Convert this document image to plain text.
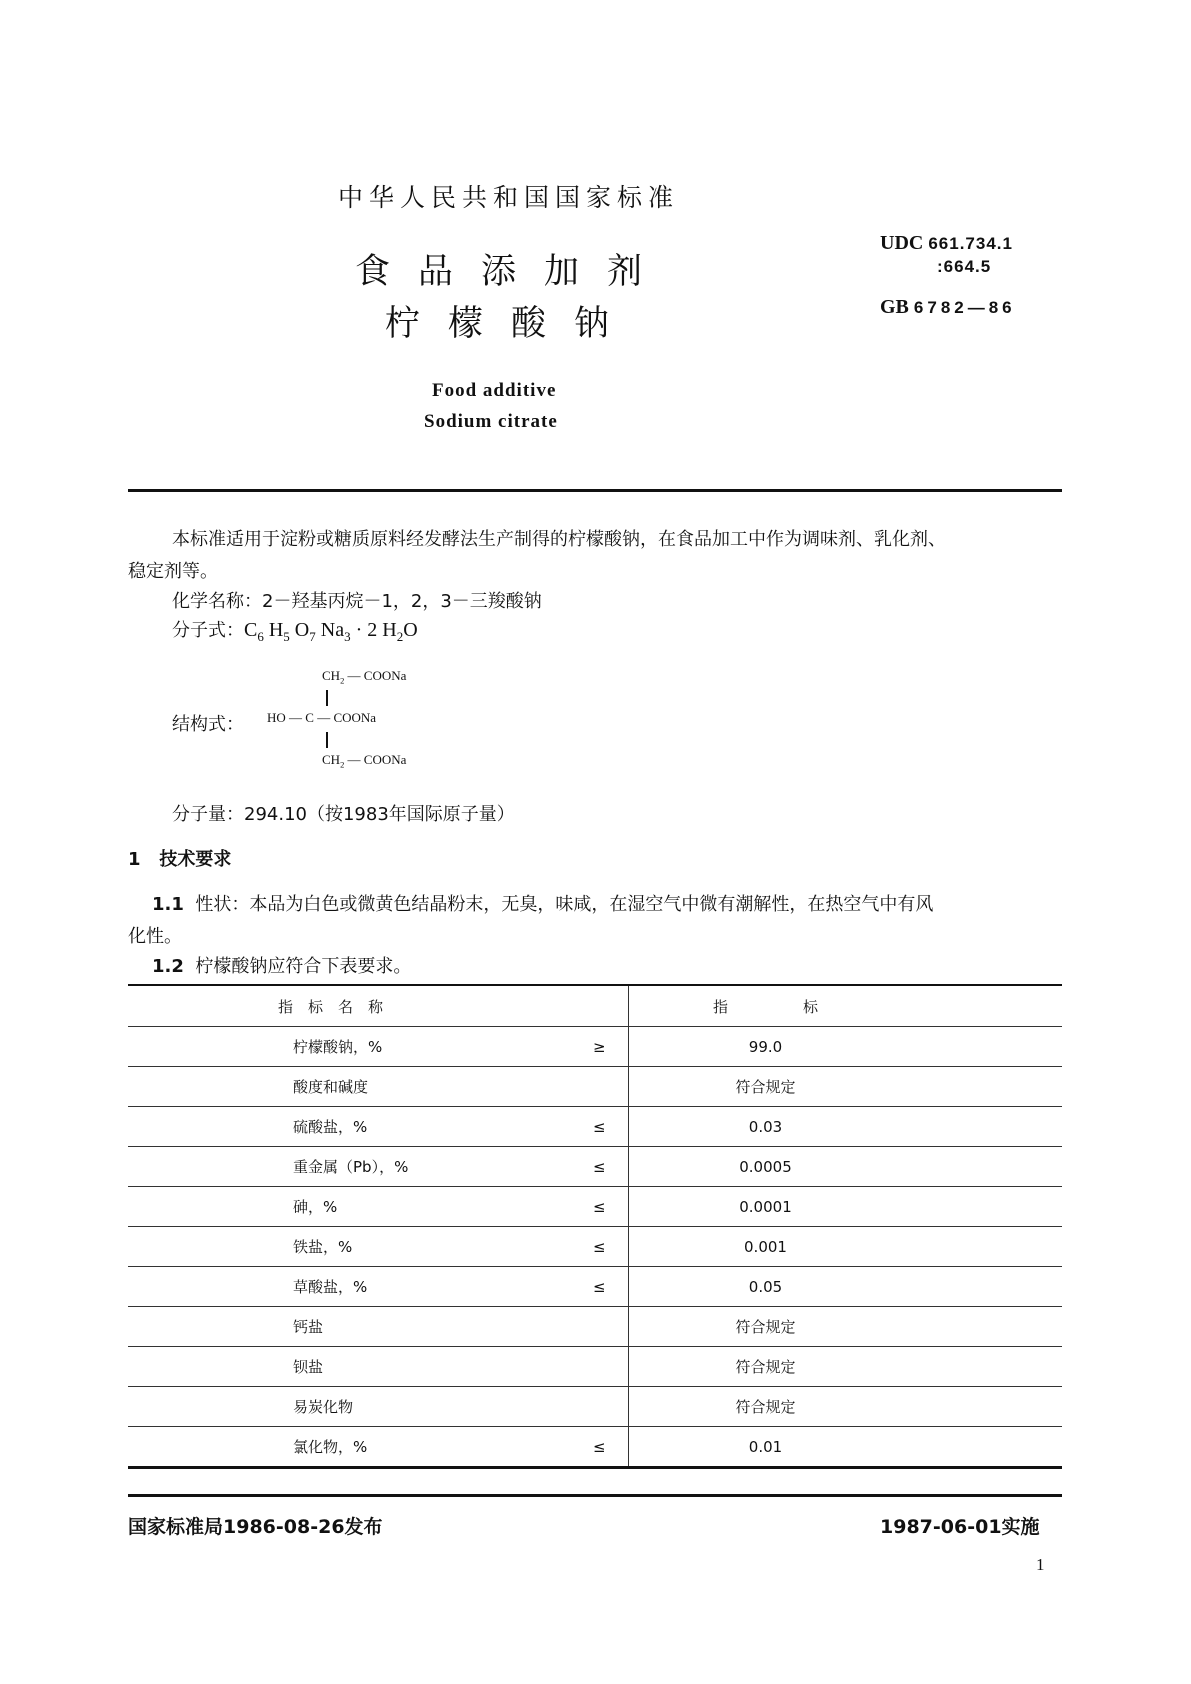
中华人民共和国国家标准
食品添加剂
柠檬酸钠
Food additive
Sodium citrate
UDC 661.734.1
:664.5
GB 6782—86
本标准适用于淀粉或糖质原料经发酵法生产制得的柠檬酸钠，在食品加工中作为调味剂、乳化剂、
稳定剂等。
化学名称：2－羟基丙烷－1，2，3－三羧酸钠
分子式：$C_6$ $H_5$ $O_7$ $Na_3 \cdot 2$ $H_2O$
结构式：
$CH_2$ — COONa
HO — C — COONa
$CH_2$ — COONa
分子量：294.10（按1983年国际原子量）
1 技术要求
1.1 性状：本品为白色或微黄色结晶粉末，无臭，味咸，在湿空气中微有潮解性，在热空气中有风
化性。
1.2 柠檬酸钠应符合下表要求。
指　标　名　称		指　　　　　标
柠檬酸钠，%	≥	99.0
酸度和碱度		符合规定
硫酸盐，%	≤	0.03
重金属（Pb），%	≤	0.0005
砷，%	≤	0.0001
铁盐，%	≤	0.001
草酸盐，%	≤	0.05
钙盐		符合规定
钡盐		符合规定
易炭化物		符合规定
氯化物，%	≤	0.01
国家标准局1986-08-26发布	1987-06-01实施
1
